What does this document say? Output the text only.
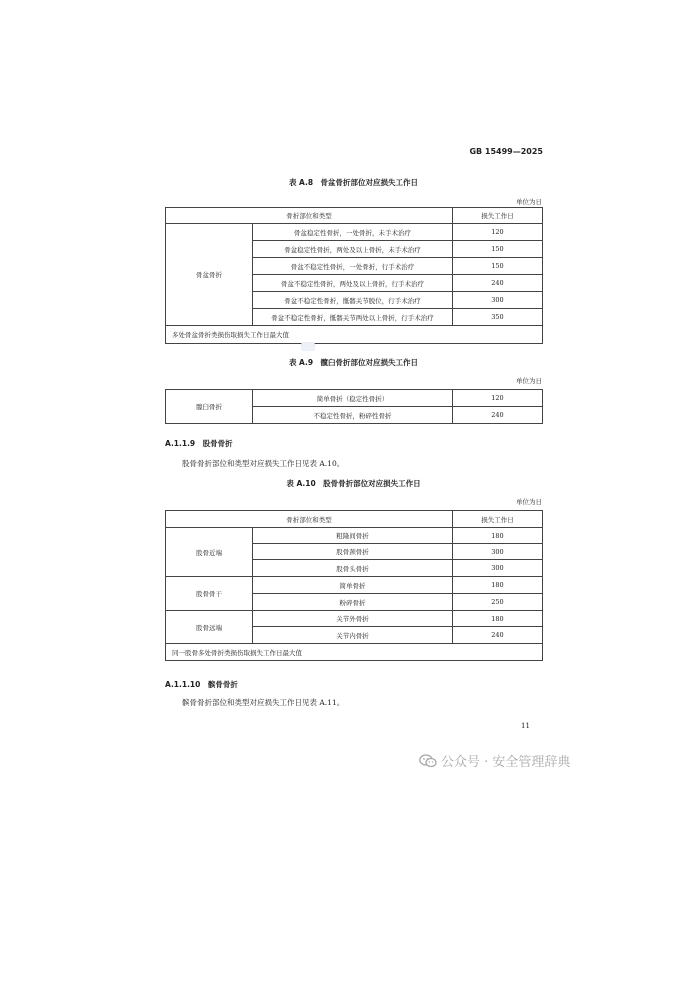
GB 15499—2025
表 A.8　骨盆骨折部位对应损失工作日
单位为日
骨折部位和类型		损失工作日
骨盆骨折	骨盆稳定性骨折，一处骨折，未手术治疗	120
	骨盆稳定性骨折，两处及以上骨折，未手术治疗	150
	骨盆不稳定性骨折，一处骨折，行手术治疗	150
	骨盆不稳定性骨折，两处及以上骨折，行手术治疗	240
	骨盆不稳定性骨折，骶髂关节脱位，行手术治疗	300
	骨盆不稳定性骨折，骶髂关节两处以上骨折，行手术治疗	350
多处骨盆骨折类损伤取损失工作日最大值		
表 A.9　髋臼骨折部位对应损失工作日
单位为日
髋臼骨折	简单骨折（稳定性骨折）	120
	不稳定性骨折，粉碎性骨折	240
A.1.1.9　股骨骨折
股骨骨折部位和类型对应损失工作日见表 A.10。
表 A.10　股骨骨折部位对应损失工作日
单位为日
骨折部位和类型		损失工作日
股骨近端	粗隆间骨折	180
	股骨颈骨折	300
	股骨头骨折	300
股骨骨干	简单骨折	180
	粉碎骨折	250
股骨远端	关节外骨折	180
	关节内骨折	240
同一股骨多处骨折类损伤取损失工作日最大值		
A.1.1.10　髌骨骨折
髌骨骨折部位和类型对应损失工作日见表 A.11。
11
公众号 · 安全管理辞典
